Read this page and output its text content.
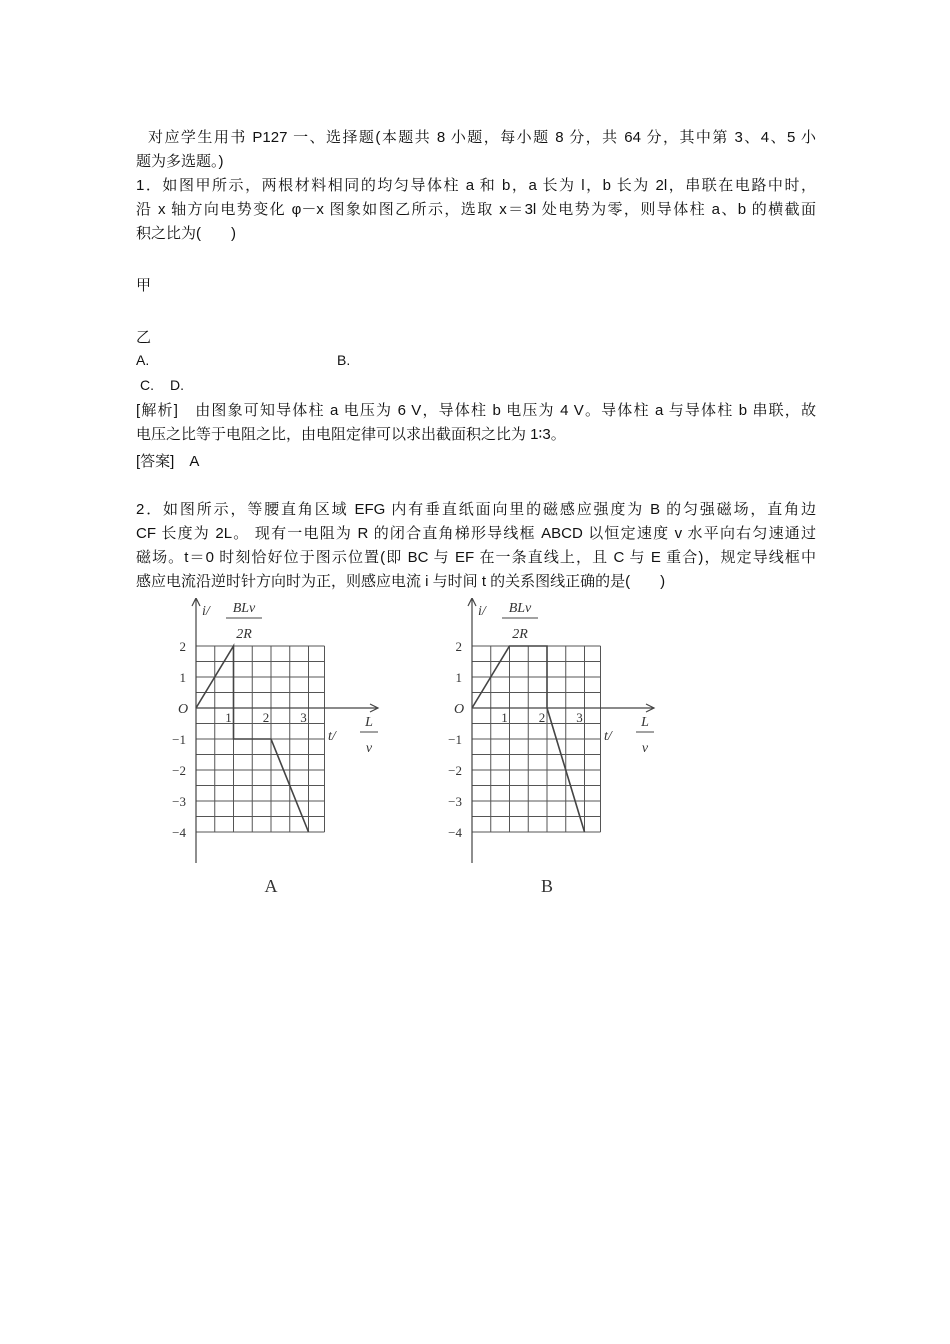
对应学生用书 P127 一、选择题(本题共 8 小题，每小题 8 分，共 64 分，其中第 3、4、5 小
题为多选题。)
1．如图甲所示，两根材料相同的均匀导体柱 a 和 b，a 长为 l，b 长为 2l，串联在电路中时，
沿 x 轴方向电势变化 φ－x 图象如图乙所示，选取 x＝3l 处电势为零，则导体柱 a、b 的横截面
积之比为(　　)
甲
乙
A.	B.
C. D.
[解析]　由图象可知导体柱 a 电压为 6 V，导体柱 b 电压为 4 V。导体柱 a 与导体柱 b 串联，故
电压之比等于电阻之比，由电阻定律可以求出截面积之比为 1∶3。
[答案]　A
2．如图所示，等腰直角区域 EFG 内有垂直纸面向里的磁感应强度为 B 的匀强磁场，直角边
CF 长度为 2L。 现有一电阻为 R 的闭合直角梯形导线框 ABCD 以恒定速度 v 水平向右匀速通过
磁场。t＝0 时刻恰好位于图示位置(即 BC 与 EF 在一条直线上，且 C 与 E 重合)，规定导线框中
感应电流沿逆时针方向时为正，则感应电流 i 与时间 t 的关系图线正确的是(　　)
i/ BLv
2R
t/
L
v
O
1 2 3
2
1
−1
−2
−3
−4
A
i/ BLv
2R
t/
L
v
O
1 2 3
2
1
−1
−2
−3
−4
B
